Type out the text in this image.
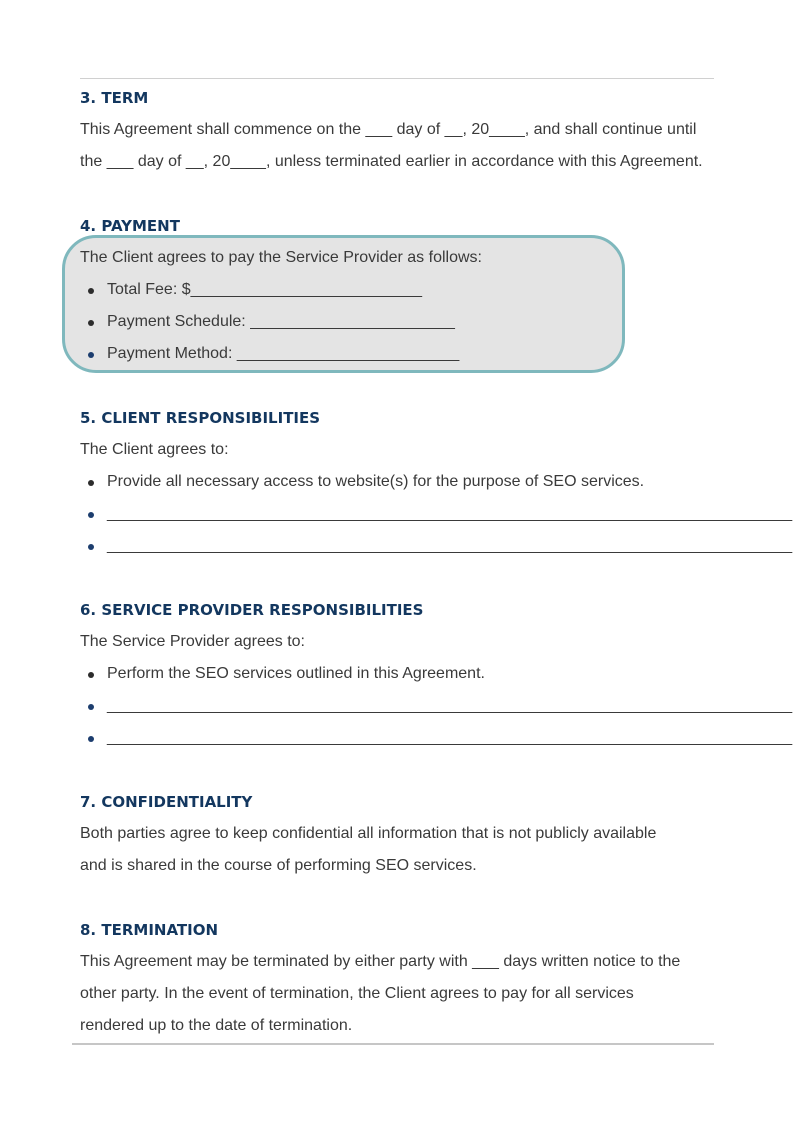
3. TERM

This Agreement shall commence on the ___ day of __, 20____, and shall continue until

the ___ day of __, 20____, unless terminated earlier in accordance with this Agreement.

4. PAYMENT

The Client agrees to pay the Service Provider as follows:

Total Fee: $__________________________
Payment Schedule: _______________________
Payment Method: _________________________
5. CLIENT RESPONSIBILITIES

The Client agrees to:

Provide all necessary access to website(s) for the purpose of SEO services.
_____________________________________________________________________________
_____________________________________________________________________________
6. SERVICE PROVIDER RESPONSIBILITIES

The Service Provider agrees to:

Perform the SEO services outlined in this Agreement.
_____________________________________________________________________________
_____________________________________________________________________________
7. CONFIDENTIALITY

Both parties agree to keep confidential all information that is not publicly available

and is shared in the course of performing SEO services.

8. TERMINATION

This Agreement may be terminated by either party with ___ days written notice to the

other party. In the event of termination, the Client agrees to pay for all services

rendered up to the date of termination.
